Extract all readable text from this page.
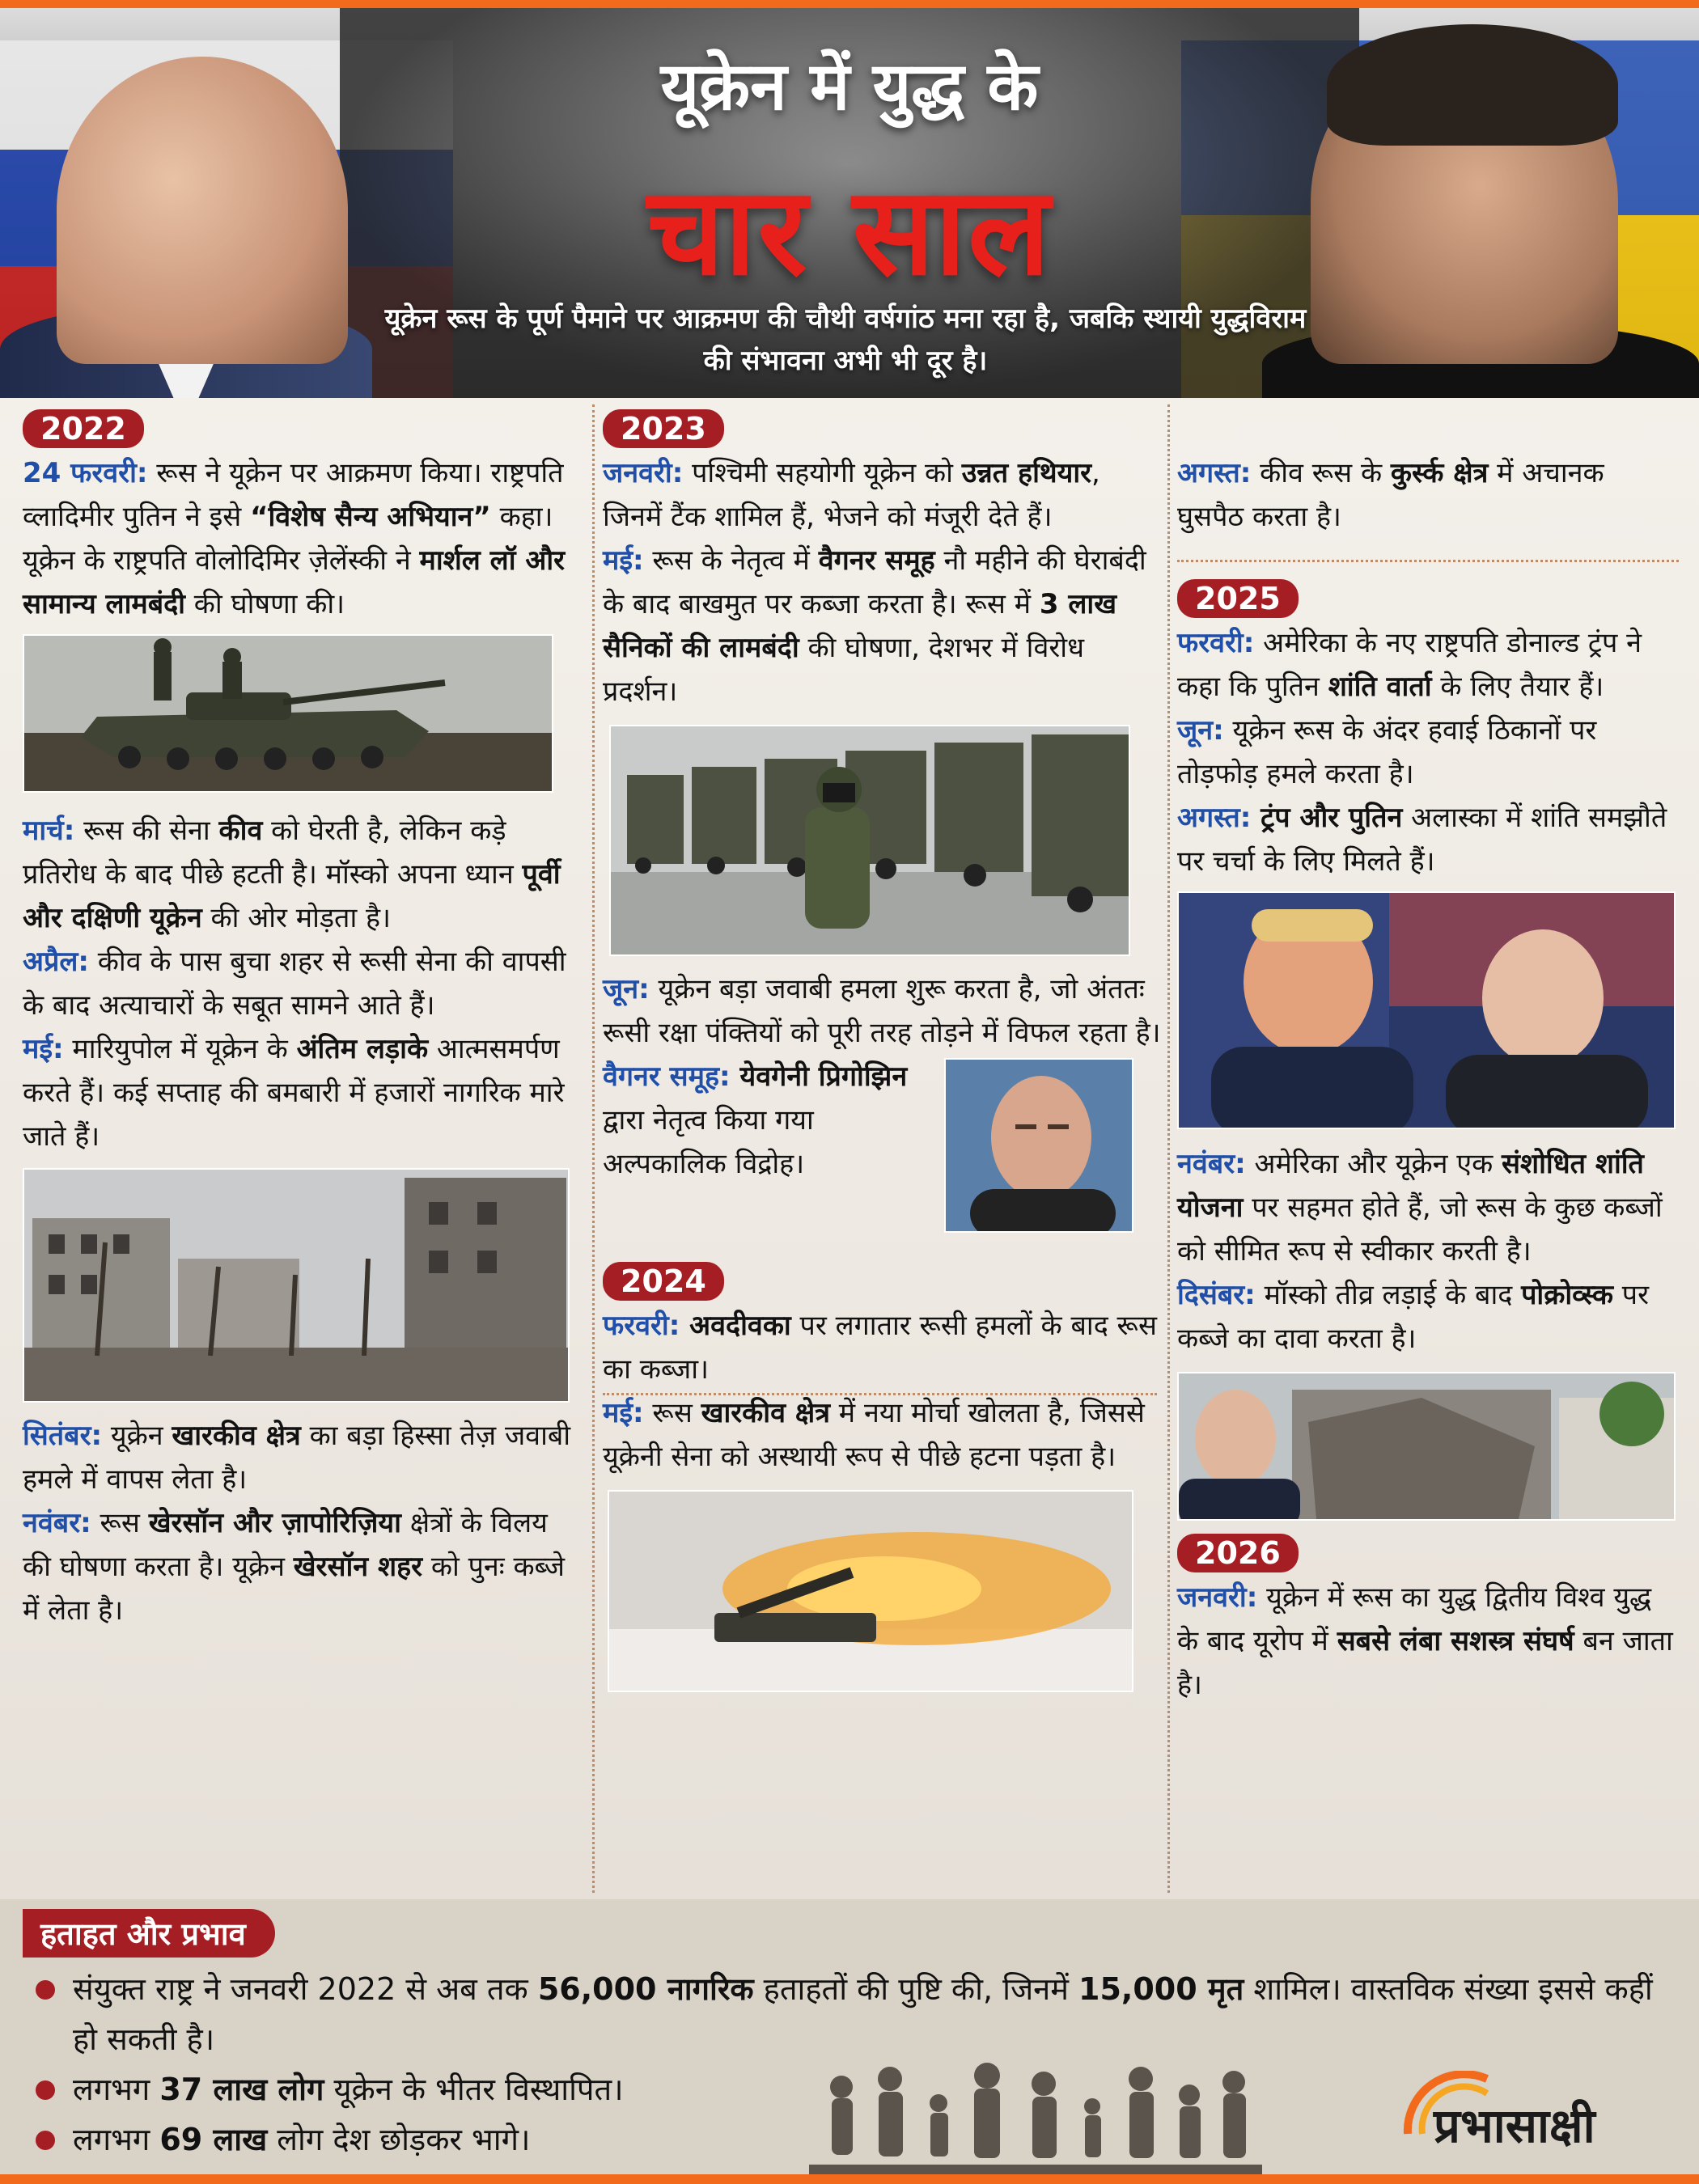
यूक्रेन में युद्ध के
चार साल
यूक्रेन रूस के पूर्ण पैमाने पर आक्रमण की चौथी वर्षगांठ मना रहा है, जबकि स्थायी युद्धविराम की संभावना अभी भी दूर है।
2022

24 फरवरी: रूस ने यूक्रेन पर आक्रमण किया। राष्ट्रपति व्लादिमीर पुतिन ने इसे “विशेष सैन्य अभियान” कहा। यूक्रेन के राष्ट्रपति वोलोदिमिर ज़ेलेंस्की ने मार्शल लॉ और सामान्य लामबंदी की घोषणा की।

मार्च: रूस की सेना कीव को घेरती है, लेकिन कड़े प्रतिरोध के बाद पीछे हटती है। मॉस्को अपना ध्यान पूर्वी और दक्षिणी यूक्रेन की ओर मोड़ता है।

अप्रैल: कीव के पास बुचा शहर से रूसी सेना की वापसी के बाद अत्याचारों के सबूत सामने आते हैं।

मई: मारियुपोल में यूक्रेन के अंतिम लड़ाके आत्मसमर्पण करते हैं। कई सप्ताह की बमबारी में हजारों नागरिक मारे जाते हैं।

सितंबर: यूक्रेन खारकीव क्षेत्र का बड़ा हिस्सा तेज़ जवाबी हमले में वापस लेता है।

नवंबर: रूस खेरसॉन और ज़ापोरिज़िया क्षेत्रों के विलय की घोषणा करता है। यूक्रेन खेरसॉन शहर को पुनः कब्जे में लेता है।

2023

जनवरी: पश्चिमी सहयोगी यूक्रेन को उन्नत हथियार, जिनमें टैंक शामिल हैं, भेजने को मंजूरी देते हैं।

मई: रूस के नेतृत्व में वैगनर समूह नौ महीने की घेराबंदी के बाद बाखमुत पर कब्जा करता है। रूस में 3 लाख सैनिकों की लामबंदी की घोषणा, देशभर में विरोध प्रदर्शन।

जून: यूक्रेन बड़ा जवाबी हमला शुरू करता है, जो अंततः रूसी रक्षा पंक्तियों को पूरी तरह तोड़ने में विफल रहता है।

वैगनर समूह: येवगेनी प्रिगोझिन द्वारा नेतृत्व किया गया अल्पकालिक विद्रोह।

2024

फरवरी: अवदीवका पर लगातार रूसी हमलों के बाद रूस का कब्जा।

मई: रूस खारकीव क्षेत्र में नया मोर्चा खोलता है, जिससे यूक्रेनी सेना को अस्थायी रूप से पीछे हटना पड़ता है।

अगस्त: कीव रूस के कुर्स्क क्षेत्र में अचानक घुसपैठ करता है।

2025

फरवरी: अमेरिका के नए राष्ट्रपति डोनाल्ड ट्रंप ने कहा कि पुतिन शांति वार्ता के लिए तैयार हैं।

जून: यूक्रेन रूस के अंदर हवाई ठिकानों पर तोड़फोड़ हमले करता है।

अगस्त: ट्रंप और पुतिन अलास्का में शांति समझौते पर चर्चा के लिए मिलते हैं।

नवंबर: अमेरिका और यूक्रेन एक संशोधित शांति योजना पर सहमत होते हैं, जो रूस के कुछ कब्जों को सीमित रूप से स्वीकार करती है।

दिसंबर: मॉस्को तीव्र लड़ाई के बाद पोक्रोव्स्क पर कब्जे का दावा करता है।

2026

जनवरी: यूक्रेन में रूस का युद्ध द्वितीय विश्व युद्ध के बाद यूरोप में सबसे लंबा सशस्त्र संघर्ष बन जाता है।

हताहत और प्रभाव
संयुक्त राष्ट्र ने जनवरी 2022 से अब तक 56,000 नागरिक हताहतों की पुष्टि की, जिनमें 15,000 मृत शामिल। वास्तविक संख्या इससे कहीं हो सकती है।
लगभग 37 लाख लोग यूक्रेन के भीतर विस्थापित।
लगभग 69 लाख लोग देश छोड़कर भागे।	प्रभासाक्षी
